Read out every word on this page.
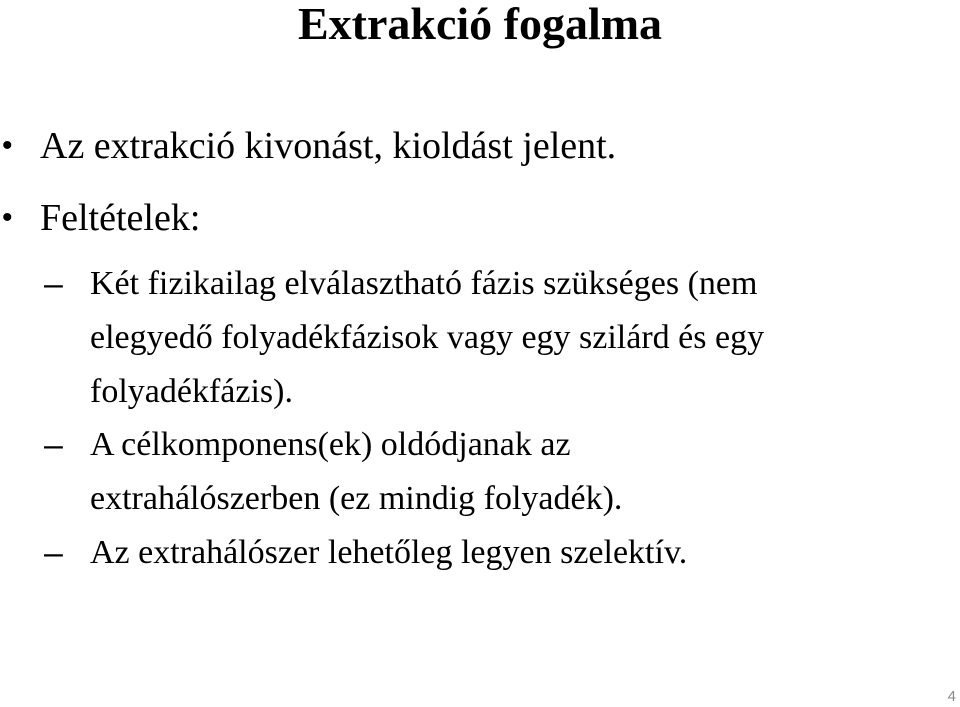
Extrakció fogalma
• Az extrakció kivonást, kioldást jelent.
• Feltételek:
– Két fizikailag elválasztható fázis szükséges (nem
elegyedő folyadékfázisok vagy egy szilárd és egy
folyadékfázis).
– A célkomponens(ek) oldódjanak az
extrahálószerben (ez mindig folyadék).
– Az extrahálószer lehetőleg legyen szelektív.
4
